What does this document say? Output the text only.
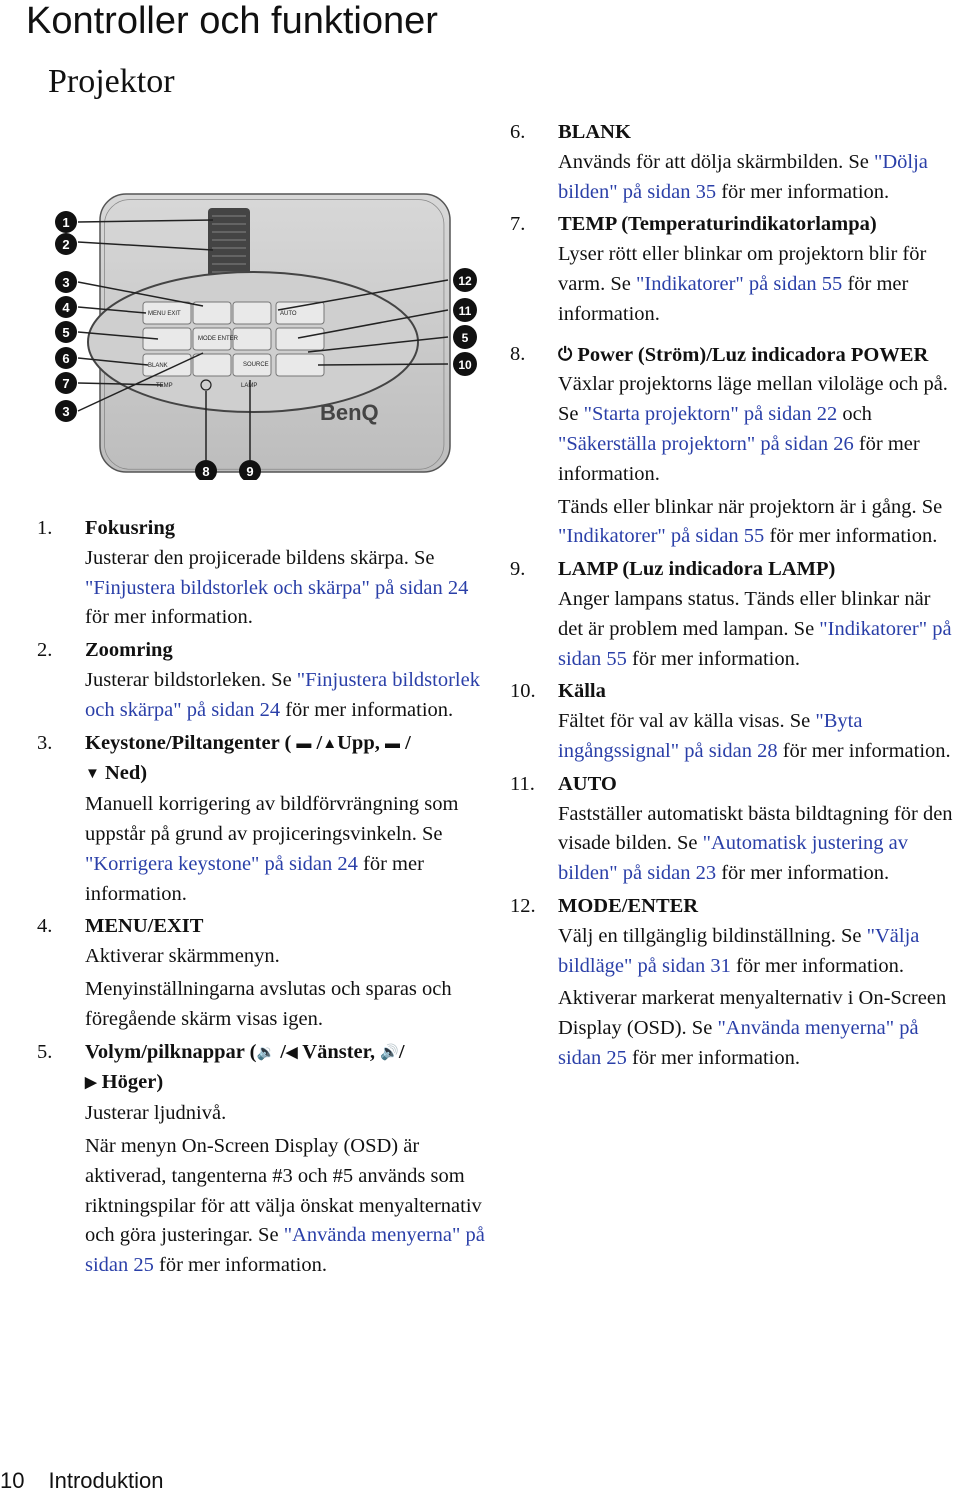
Kontroller och funktioner
Projektor
MENU EXIT
MODE ENTER
BLANK
AUTO
SOURCE
TEMP	LAMP
BenQ
1
2
3
4
5
6
7
3
12
11
5
10
8	9
1.	Fokusring

Justerar den projicerade bildens skärpa. Se "Finjustera bildstorlek och skärpa" på sidan 24 för mer information.

2.	Zoomring

Justerar bildstorleken. Se "Finjustera bildstorlek och skärpa" på sidan 24 för mer information.

3.	Keystone/Piltangenter ( ▬ /▲Upp, ▬ /
▼ Ned)

Manuell korrigering av bildförvrängning som uppstår på grund av projiceringsvinkeln. Se "Korrigera keystone" på sidan 24 för mer information.

4.	MENU/EXIT

Aktiverar skärmmenyn.

Menyinställningarna avslutas och sparas och föregående skärm visas igen.

5.	Volym/pilknappar (🔉 /◀ Vänster, 🔊/
▶ Höger)

Justerar ljudnivå.

När menyn On-Screen Display (OSD) är aktiverad, tangenterna #3 och #5 används som riktningspilar för att välja önskat menyalternativ och göra justeringar. Se "Använda menyerna" på sidan 25 för mer information.

6.	BLANK

Används för att dölja skärmbilden. Se "Dölja bilden" på sidan 35 för mer information.

7.	TEMP (Temperaturindikatorlampa)

Lyser rött eller blinkar om projektorn blir för varm. Se "Indikatorer" på sidan 55 för mer information.

8.	⏻ Power (Ström)/Luz indicadora POWER

Växlar projektorns läge mellan viloläge och på. Se "Starta projektorn" på sidan 22 och "Säkerställa projektorn" på sidan 26 för mer information.

Tänds eller blinkar när projektorn är i gång. Se "Indikatorer" på sidan 55 för mer information.

9.	LAMP (Luz indicadora LAMP)

Anger lampans status. Tänds eller blinkar när det är problem med lampan. Se "Indikatorer" på sidan 55 för mer information.

10.	Källa

Fältet för val av källa visas. Se "Byta ingångssignal" på sidan 28 för mer information.

11.	AUTO

Fastställer automatiskt bästa bildtagning för den visade bilden. Se "Automatisk justering av bilden" på sidan 23 för mer information.

12.	MODE/ENTER

Välj en tillgänglig bildinställning. Se "Välja bildläge" på sidan 31 för mer information.

Aktiverar markerat menyalternativ i On-Screen Display (OSD). Se "Använda menyerna" på sidan 25 för mer information.

10 Introduktion
